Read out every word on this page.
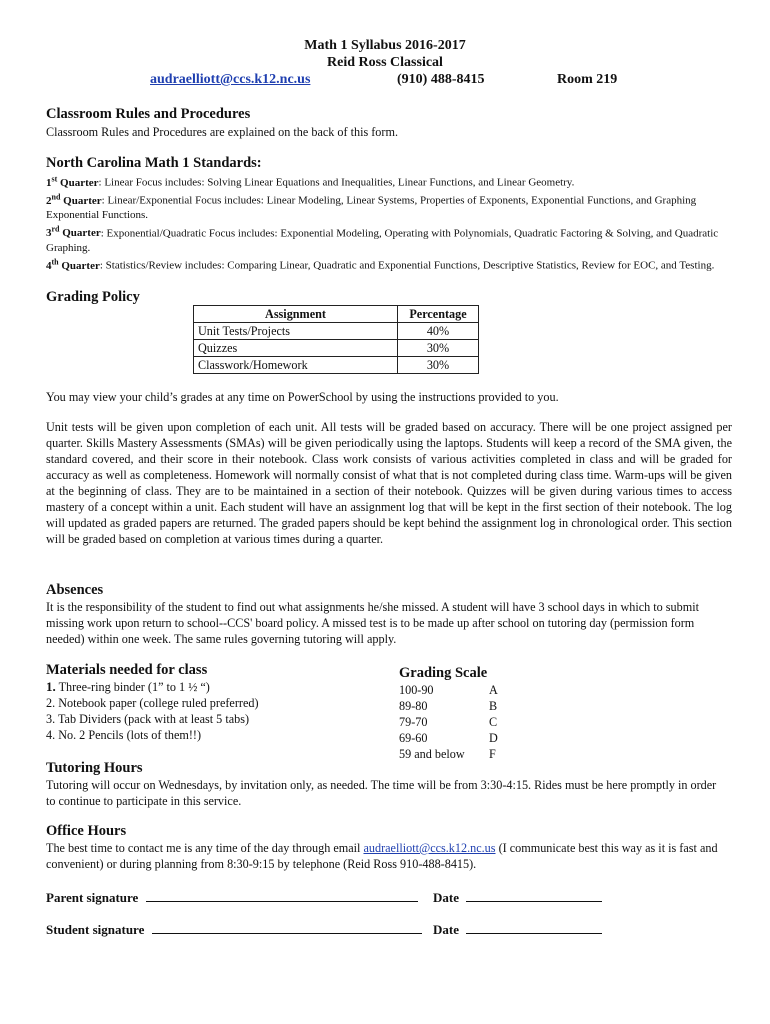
Math 1 Syllabus 2016-2017
Reid Ross Classical
audraelliott@ccs.k12.nc.us	(910) 488-8415	Room 219
Classroom Rules and Procedures
Classroom Rules and Procedures are explained on the back of this form.
North Carolina Math 1 Standards:
1st Quarter: Linear Focus includes: Solving Linear Equations and Inequalities, Linear Functions, and Linear Geometry.
2nd Quarter: Linear/Exponential Focus includes: Linear Modeling, Linear Systems, Properties of Exponents, Exponential Functions, and Graphing Exponential Functions.
3rd Quarter: Exponential/Quadratic Focus includes: Exponential Modeling, Operating with Polynomials, Quadratic Factoring & Solving, and Quadratic Graphing.
4th Quarter: Statistics/Review includes: Comparing Linear, Quadratic and Exponential Functions, Descriptive Statistics, Review for EOC, and Testing.
Grading Policy
Assignment	Percentage
Unit Tests/Projects	40%
Quizzes	30%
Classwork/Homework	30%
You may view your child’s grades at any time on PowerSchool by using the instructions provided to you.
Unit tests will be given upon completion of each unit. All tests will be graded based on accuracy. There will be one project assigned per quarter. Skills Mastery Assessments (SMAs) will be given periodically using the laptops. Students will keep a record of the SMA given, the standard covered, and their score in their notebook. Class work consists of various activities completed in class and will be graded for accuracy as well as completeness. Homework will normally consist of what that is not completed during class time. Warm-ups will be given at the beginning of class. They are to be maintained in a section of their notebook. Quizzes will be given during various times to access mastery of a concept within a unit. Each student will have an assignment log that will be kept in the first section of their notebook. The log will updated as graded papers are returned. The graded papers should be kept behind the assignment log in chronological order. This section will be graded based on completion at various times during a quarter.
Absences
It is the responsibility of the student to find out what assignments he/she missed. A student will have 3 school days in which to submit missing work upon return to school--CCS' board policy. A missed test is to be made up after school on tutoring day (permission form needed) within one week. The same rules governing tutoring will apply.
Materials needed for class
1. Three-ring binder (1” to 1 ½ “)
2. Notebook paper (college ruled preferred)
3. Tab Dividers (pack with at least 5 tabs)
4. No. 2 Pencils (lots of them!!)
Grading Scale
100-90	A
89-80	B
79-70	C
69-60	D
59 and below	F
Tutoring Hours
Tutoring will occur on Wednesdays, by invitation only, as needed. The time will be from 3:30-4:15. Rides must be here promptly in order to continue to participate in this service.
Office Hours
The best time to contact me is any time of the day through email audraelliott@ccs.k12.nc.us (I communicate best this way as it is fast and convenient) or during planning from 8:30-9:15 by telephone (Reid Ross 910-488-8415).
Parent signature	Date
Student signature	Date
